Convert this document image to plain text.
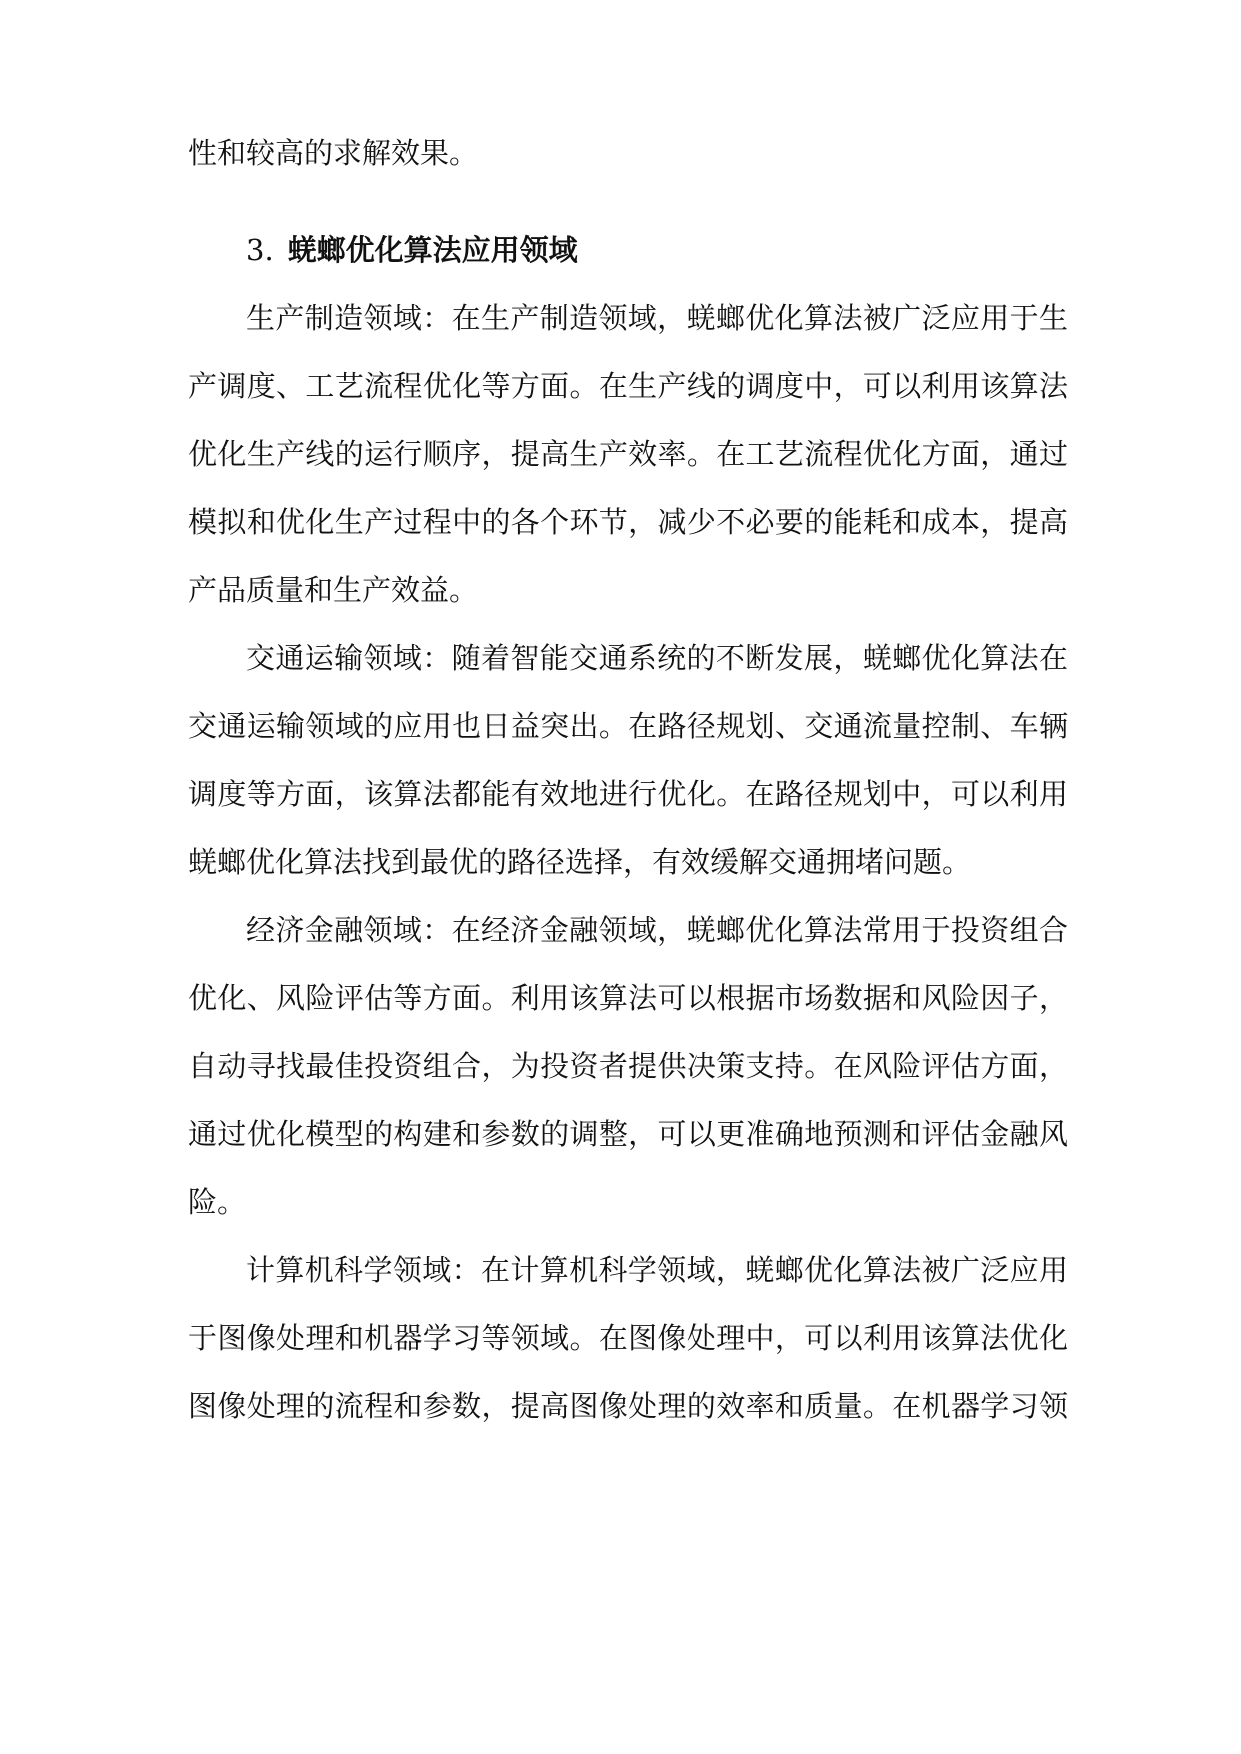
性和较高的求解效果。
3. 蜣螂优化算法应用领域
生产制造领域：在生产制造领域，蜣螂优化算法被广泛应用于生
产调度、工艺流程优化等方面。在生产线的调度中，可以利用该算法
优化生产线的运行顺序，提高生产效率。在工艺流程优化方面，通过
模拟和优化生产过程中的各个环节，减少不必要的能耗和成本，提高
产品质量和生产效益。
交通运输领域：随着智能交通系统的不断发展，蜣螂优化算法在
交通运输领域的应用也日益突出。在路径规划、交通流量控制、车辆
调度等方面，该算法都能有效地进行优化。在路径规划中，可以利用
蜣螂优化算法找到最优的路径选择，有效缓解交通拥堵问题。
经济金融领域：在经济金融领域，蜣螂优化算法常用于投资组合
优化、风险评估等方面。利用该算法可以根据市场数据和风险因子，
自动寻找最佳投资组合，为投资者提供决策支持。在风险评估方面，
通过优化模型的构建和参数的调整，可以更准确地预测和评估金融风
险。
计算机科学领域：在计算机科学领域，蜣螂优化算法被广泛应用
于图像处理和机器学习等领域。在图像处理中，可以利用该算法优化
图像处理的流程和参数，提高图像处理的效率和质量。在机器学习领
